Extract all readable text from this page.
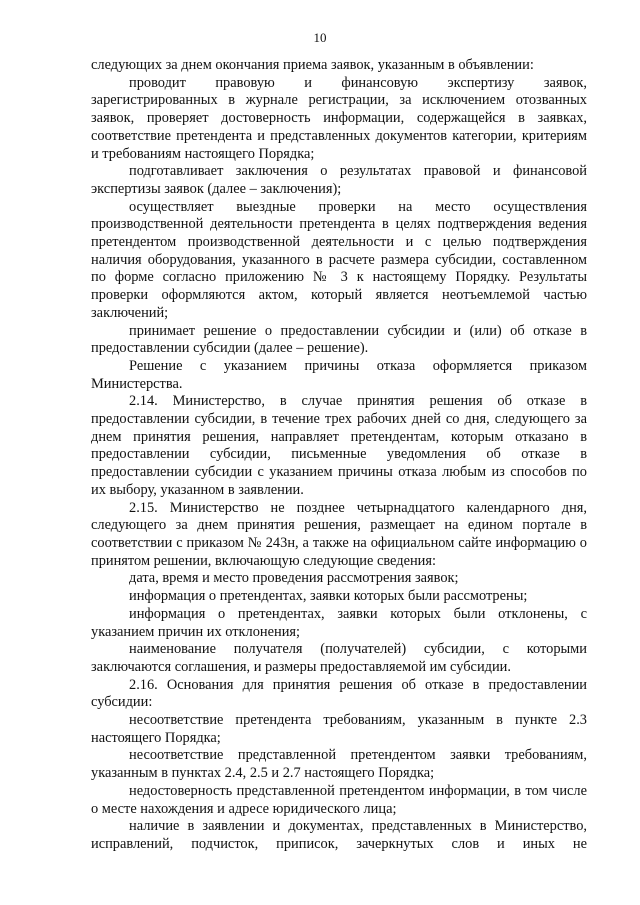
10

следующих за днем окончания приема заявок, указанным в объявлении:

проводит правовую и финансовую экспертизу заявок, зарегистрированных в журнале регистрации, за исключением отозванных заявок, проверяет достоверность информации, содержащейся в заявках, соответствие претендента и представленных документов категории, критериям и требованиям настоящего Порядка;

подготавливает заключения о результатах правовой и финансовой экспертизы заявок (далее – заключения);

осуществляет выездные проверки на место осуществления производственной деятельности претендента в целях подтверждения ведения претендентом производственной деятельности и с целью подтверждения наличия оборудования, указанного в расчете размера субсидии, составленном по форме согласно приложению № 3 к настоящему Порядку. Результаты проверки оформляются актом, который является неотъемлемой частью заключений;

принимает решение о предоставлении субсидии и (или) об отказе в предоставлении субсидии (далее – решение).

Решение с указанием причины отказа оформляется приказом Министерства.

2.14. Министерство, в случае принятия решения об отказе в предоставлении субсидии, в течение трех рабочих дней со дня, следующего за днем принятия решения, направляет претендентам, которым отказано в предоставлении субсидии, письменные уведомления об отказе в предоставлении субсидии с указанием причины отказа любым из способов по их выбору, указанном в заявлении.

2.15. Министерство не позднее четырнадцатого календарного дня, следующего за днем принятия решения, размещает на едином портале в соответствии с приказом № 243н, а также на официальном сайте информацию о принятом решении, включающую следующие сведения:

дата, время и место проведения рассмотрения заявок;

информация о претендентах, заявки которых были рассмотрены;

информация о претендентах, заявки которых были отклонены, с указанием причин их отклонения;

наименование получателя (получателей) субсидии, с которыми заключаются соглашения, и размеры предоставляемой им субсидии.

2.16. Основания для принятия решения об отказе в предоставлении субсидии:

несоответствие претендента требованиям, указанным в пункте 2.3 настоящего Порядка;

несоответствие представленной претендентом заявки требованиям, указанным в пунктах 2.4, 2.5 и 2.7 настоящего Порядка;

недостоверность представленной претендентом информации, в том числе о месте нахождения и адресе юридического лица;

наличие в заявлении и документах, представленных в Министерство, исправлений, подчисток, приписок, зачеркнутых слов и иных не
